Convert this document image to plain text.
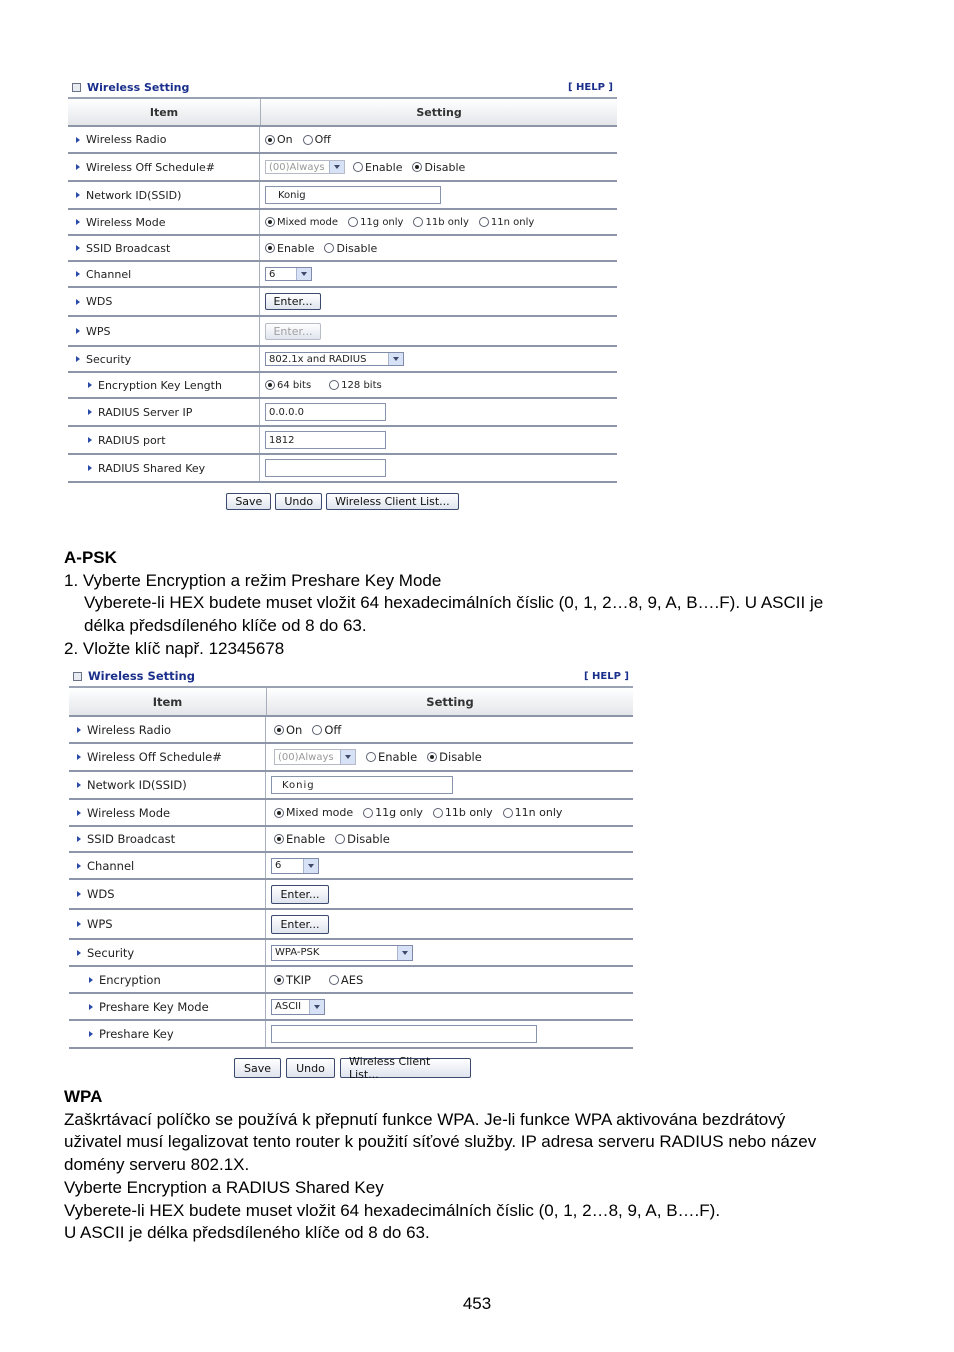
Wireless Setting	[ HELP ]
Item	Setting
Wireless Radio	On Off
Wireless Off Schedule#	(00)Always	Enable Disable
Network ID(SSID)	Konig
Wireless Mode	Mixed mode 11g only 11b only 11n only
SSID Broadcast	Enable Disable
Channel	6
WDS	Enter...
WPS	Enter...
Security	802.1x and RADIUS
Encryption Key Length	64 bits	128 bits
RADIUS Server IP	0.0.0.0
RADIUS port	1812
RADIUS Shared Key
Save	Undo	Wireless Client List...
A-PSK
1. Vyberte Encryption a režim Preshare Key Mode
Vyberete-li HEX budete muset vložit 64 hexadecimálních číslic (0, 1, 2…8, 9, A, B….F). U ASCII je
délka předsdíleného klíče od 8 do 63.
2. Vložte klíč např. 12345678
Wireless Setting	[ HELP ]
Item	Setting
Wireless Radio	On Off
Wireless Off Schedule#	(00)Always	Enable Disable
Network ID(SSID)	Konig
Wireless Mode	Mixed mode 11g only 11b only 11n only
SSID Broadcast	Enable Disable
Channel	6
WDS	Enter...
WPS	Enter...
Security	WPA-PSK
Encryption	TKIP	AES
Preshare Key Mode	ASCII
Preshare Key
Save	Undo	Wireless Client List...
WPA
Zaškrtávací políčko se používá k přepnutí funkce WPA. Je-li funkce WPA aktivována bezdrátový
uživatel musí legalizovat tento router k použití síťové služby. IP adresa serveru RADIUS nebo název
domény serveru 802.1X.
Vyberte Encryption a RADIUS Shared Key
Vyberete-li HEX budete muset vložit 64 hexadecimálních číslic (0, 1, 2…8, 9, A, B….F).
U ASCII je délka předsdíleného klíče od 8 do 63.
453
